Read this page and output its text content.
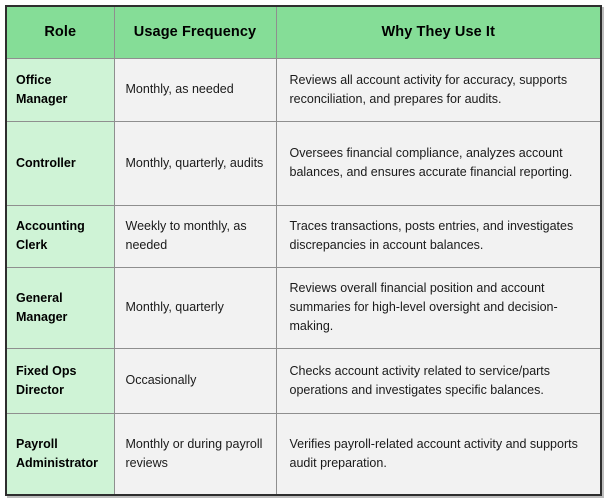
Role	Usage Frequency	Why They Use It
Office Manager	Monthly, as needed	Reviews all account activity for accuracy, supports reconciliation, and prepares for audits.
Controller	Monthly, quarterly, audits	Oversees financial compliance, analyzes account balances, and ensures accurate financial reporting.
Accounting Clerk	Weekly to monthly, as needed	Traces transactions, posts entries, and investigates discrepancies in account balances.
General Manager	Monthly, quarterly	Reviews overall financial position and account summaries for high-level oversight and decision-making.
Fixed Ops Director	Occasionally	Checks account activity related to service/parts operations and investigates specific balances.
Payroll Administrator	Monthly or during payroll reviews	Verifies payroll-related account activity and supports audit preparation.
